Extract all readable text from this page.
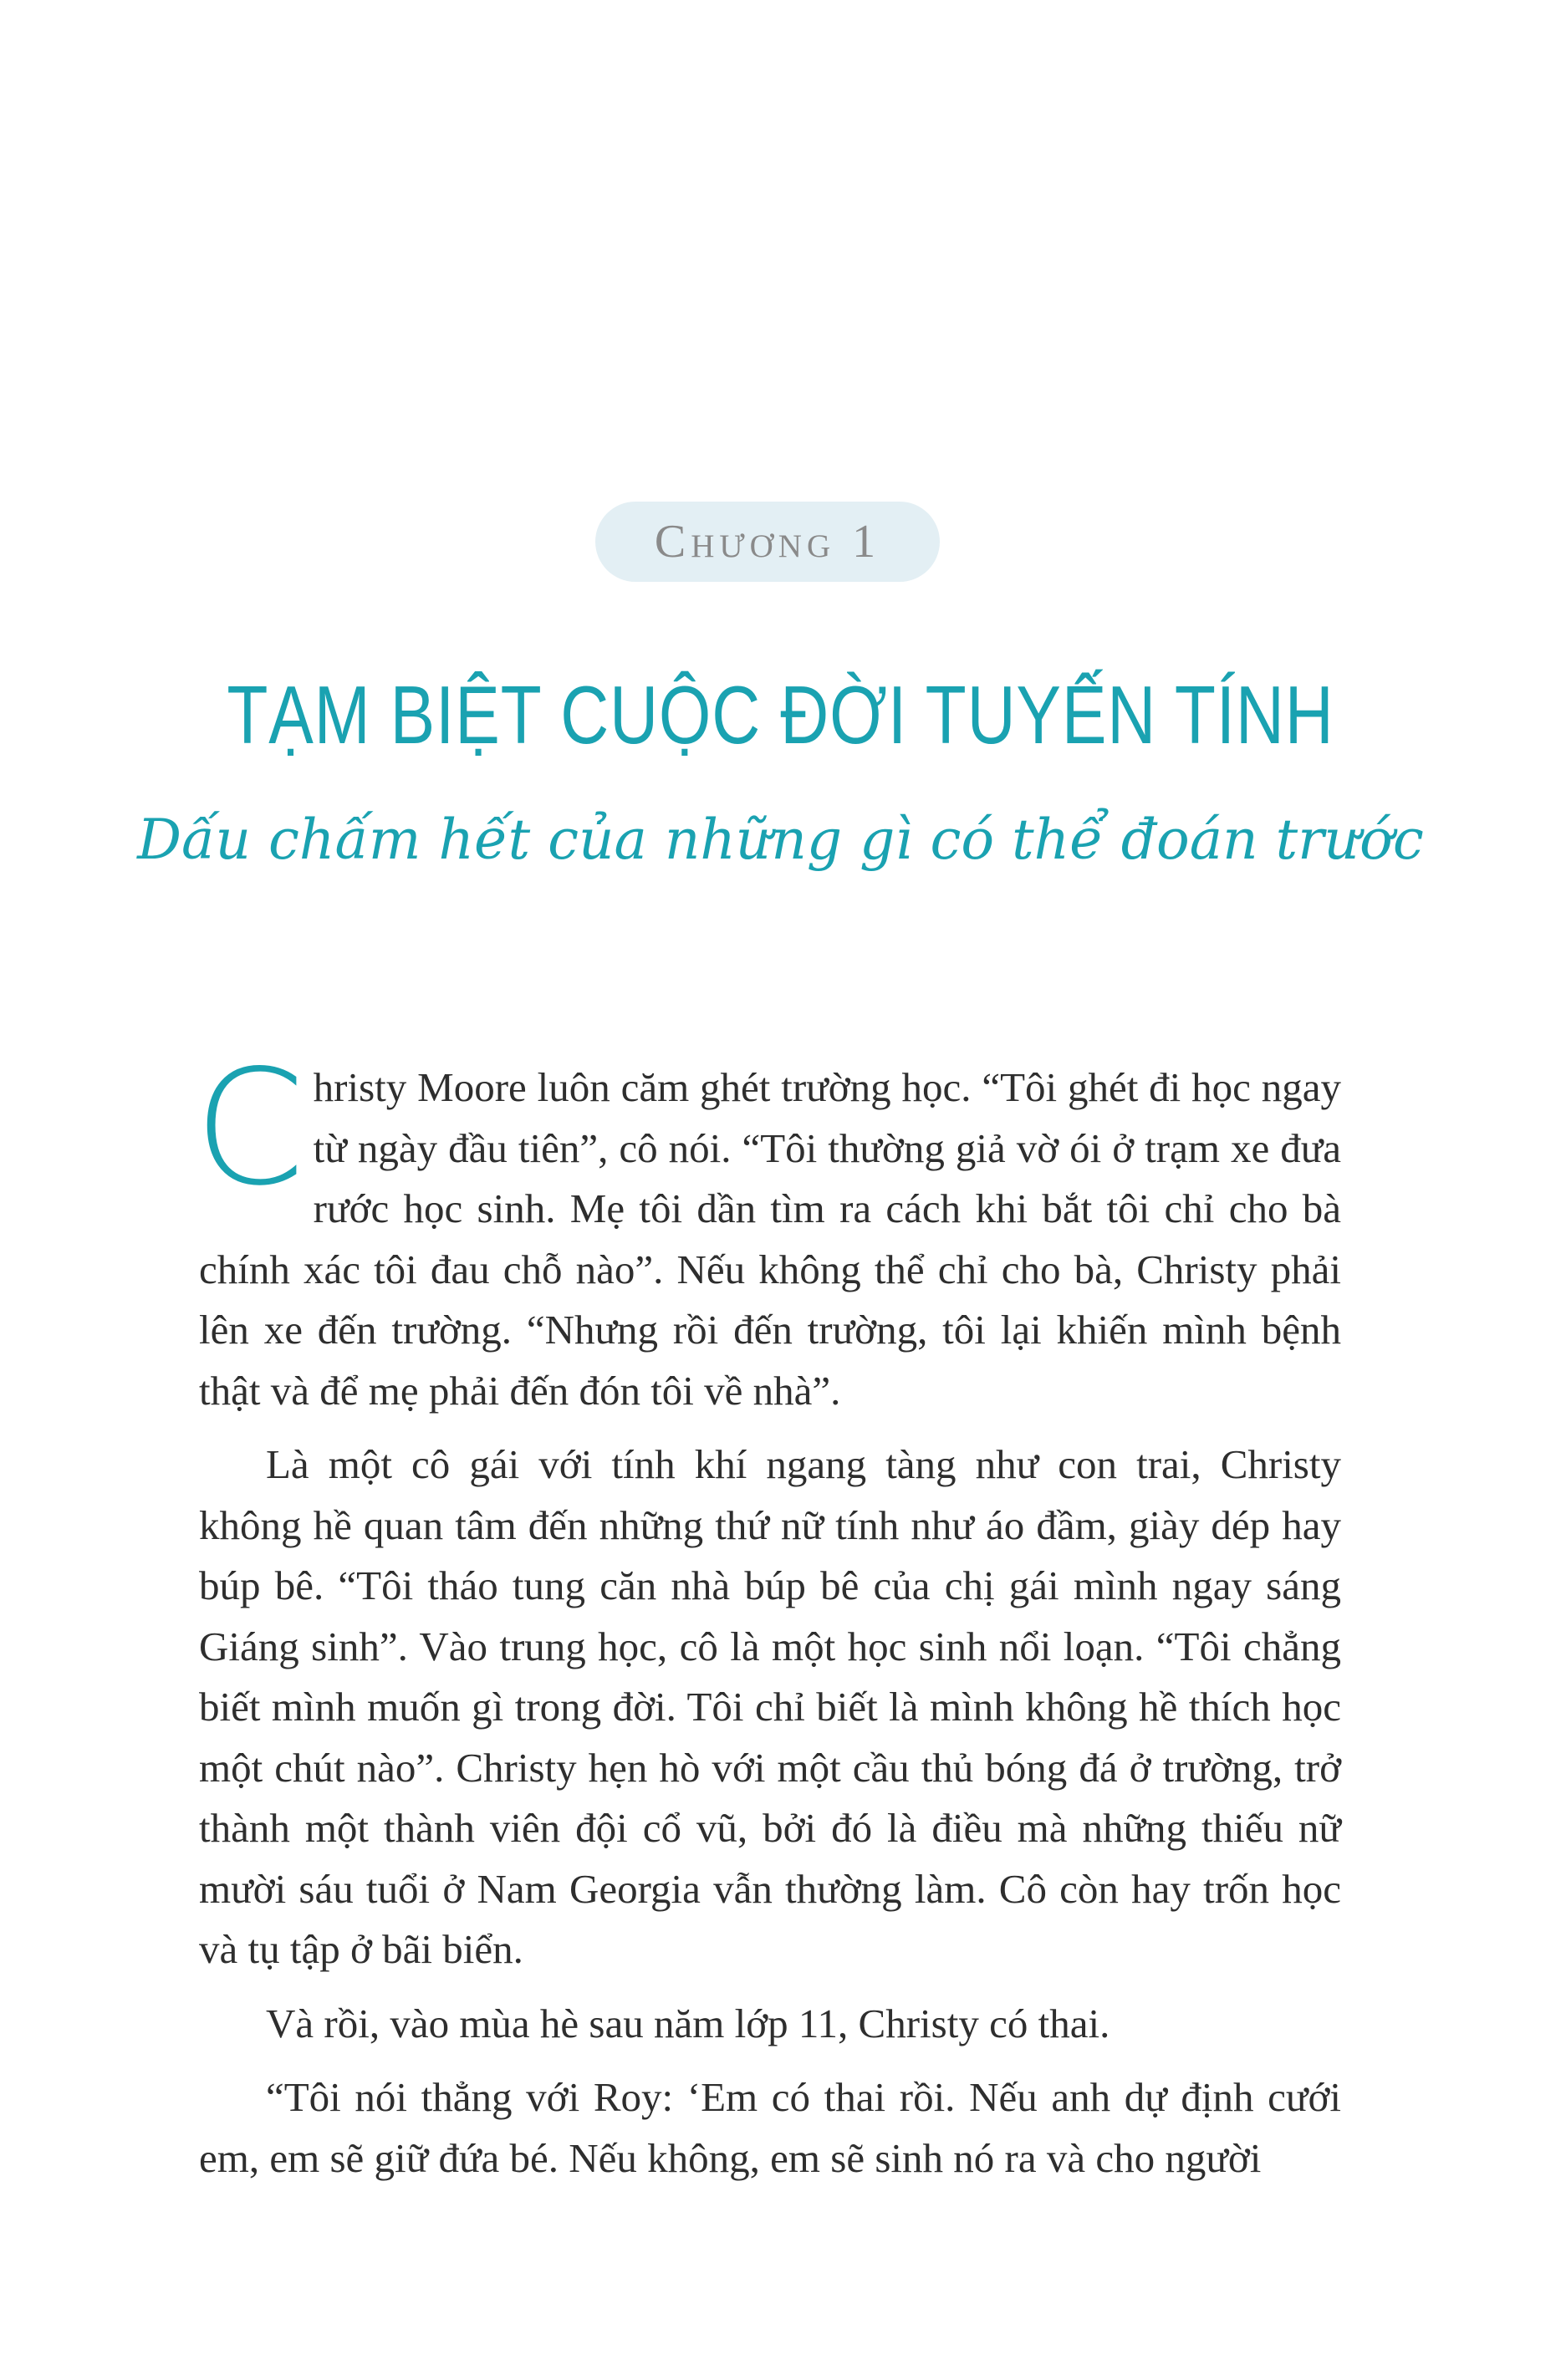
Chương 1
TẠM BIỆT CUỘC ĐỜI TUYẾN TÍNH
Dấu chấm hết của những gì có thể đoán trước

Christy Moore luôn căm ghét trường học. “Tôi ghét đi học ngay từ ngày đầu tiên”, cô nói. “Tôi thường giả vờ ói ở trạm xe đưa rước học sinh. Mẹ tôi dần tìm ra cách khi bắt tôi chỉ cho bà chính xác tôi đau chỗ nào”. Nếu không thể chỉ cho bà, Christy phải lên xe đến trường. “Nhưng rồi đến trường, tôi lại khiến mình bệnh thật và để mẹ phải đến đón tôi về nhà”.

Là một cô gái với tính khí ngang tàng như con trai, Christy không hề quan tâm đến những thứ nữ tính như áo đầm, giày dép hay búp bê. “Tôi tháo tung căn nhà búp bê của chị gái mình ngay sáng Giáng sinh”. Vào trung học, cô là một học sinh nổi loạn. “Tôi chẳng biết mình muốn gì trong đời. Tôi chỉ biết là mình không hề thích học một chút nào”. Christy hẹn hò với một cầu thủ bóng đá ở trường, trở thành một thành viên đội cổ vũ, bởi đó là điều mà những thiếu nữ mười sáu tuổi ở Nam Georgia vẫn thường làm. Cô còn hay trốn học và tụ tập ở bãi biển.

Và rồi, vào mùa hè sau năm lớp 11, Christy có thai.

“Tôi nói thẳng với Roy: ‘Em có thai rồi. Nếu anh dự định cưới em, em sẽ giữ đứa bé. Nếu không, em sẽ sinh nó ra và cho người
